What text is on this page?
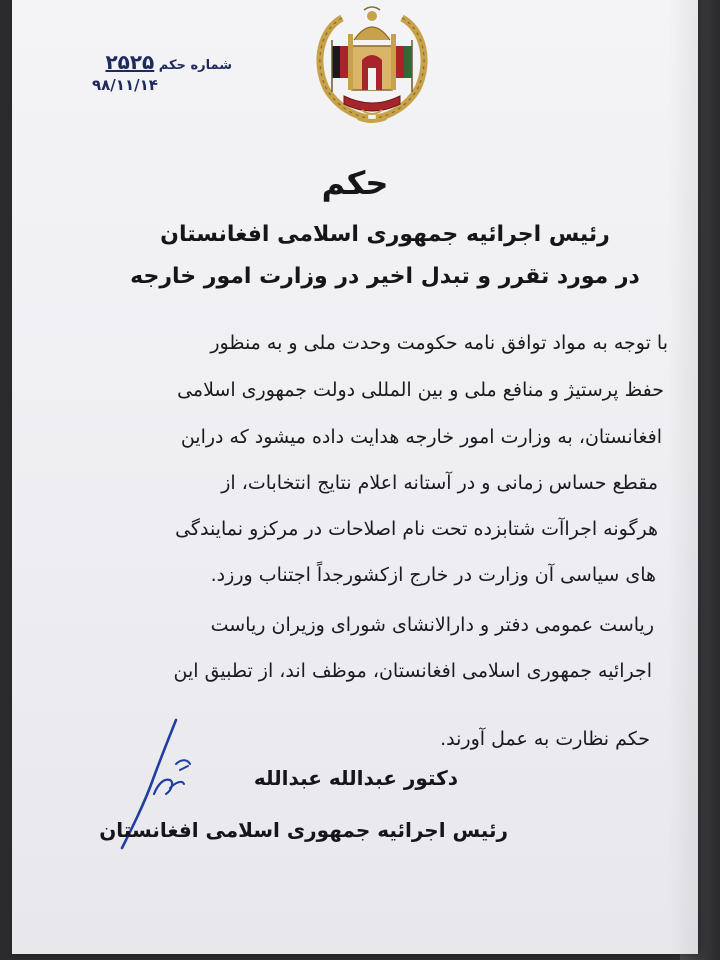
شماره حکم ۲۵۲۵
۹۸/۱۱/۱۴
حکم
رئیس اجرائیه جمهوری اسلامی افغانستان
در مورد تقرر و تبدل اخیر در وزارت امور خارجه
با توجه به مواد توافق نامه حکومت وحدت ملی و به منظور
حفظ پرستیژ و منافع ملی و بین المللی دولت جمهوری اسلامی
افغانستان، به وزارت امور خارجه هدایت داده میشود که دراین
مقطع حساس زمانی و در آستانه اعلام نتایج انتخابات، از
هرگونه اجراآت شتابزده تحت نام اصلاحات در مرکزو نمایندگی
های سیاسی آن وزارت در خارج ازکشورجداً اجتناب ورزد.
ریاست عمومی دفتر و دارالانشای شورای وزیران ریاست
اجرائیه جمهوری اسلامی افغانستان، موظف اند، از تطبیق این
حکم نظارت به عمل آورند.
دکتور عبدالله عبدالله
رئیس اجرائیه جمهوری اسلامی افغانستان
